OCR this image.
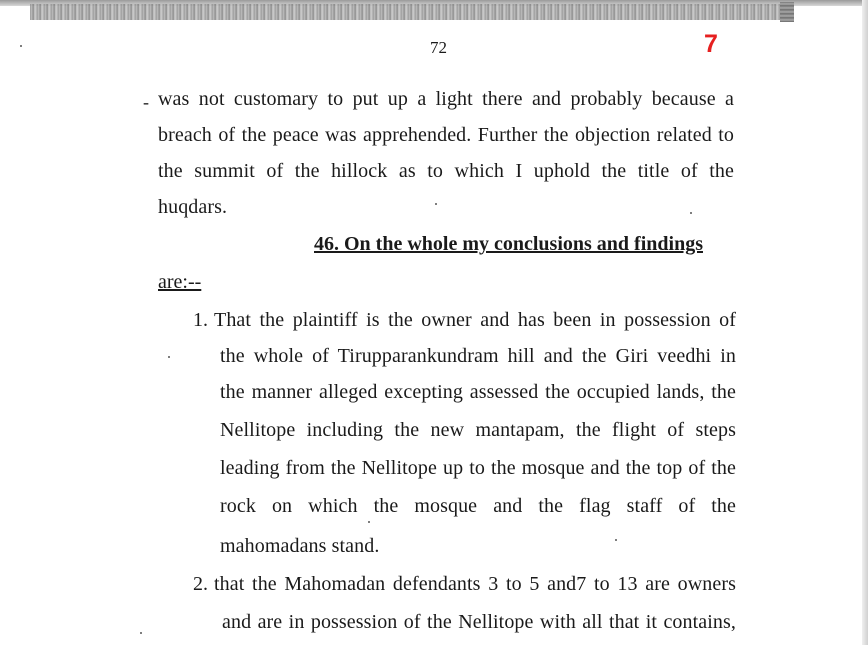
72	7
- was not customary to put up a light there and probably because a
breach of the peace was apprehended. Further the objection related to
the summit of the hillock as to which I uphold the title of the
huqdars.
46. On the whole my conclusions and findings
are:--
1. That the plaintiff is the owner and has been in possession of
the whole of Tirupparankundram hill and the Giri veedhi in
the manner alleged excepting assessed the occupied lands, the
Nellitope including the new mantapam, the flight of steps
leading from the Nellitope up to the mosque and the top of the
rock on which the mosque and the flag staff of the
mahomadans stand.
2. that the Mahomadan defendants 3 to 5 and7 to 13 are owners
and are in possession of the Nellitope with all that it contains,
